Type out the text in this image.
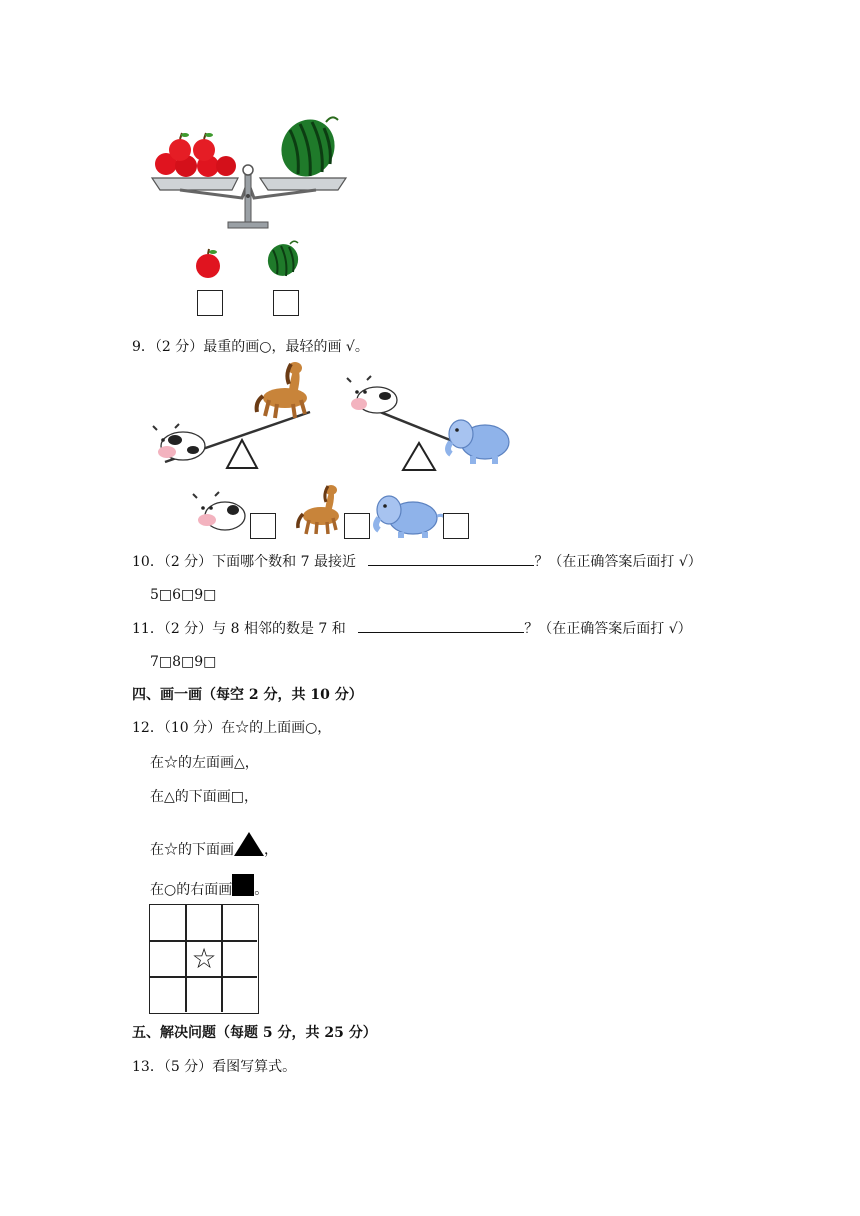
9．（2 分）最重的画○，最轻的画 √。
10．（2 分）下面哪个数和 7 最接近	？（在正确答案后面打 √）
5□6□9□
11．（2 分）与 8 相邻的数是 7 和	？（在正确答案后面打 √）
7□8□9□
四、画一画（每空 2 分，共 10 分）
12．（10 分）在☆的上面画○，
在☆的左面画△，
在△的下面画□，
在☆的下面画 ，
在○的右面画 。
☆
五、解决问题（每题 5 分，共 25 分）
13．（5 分）看图写算式。
